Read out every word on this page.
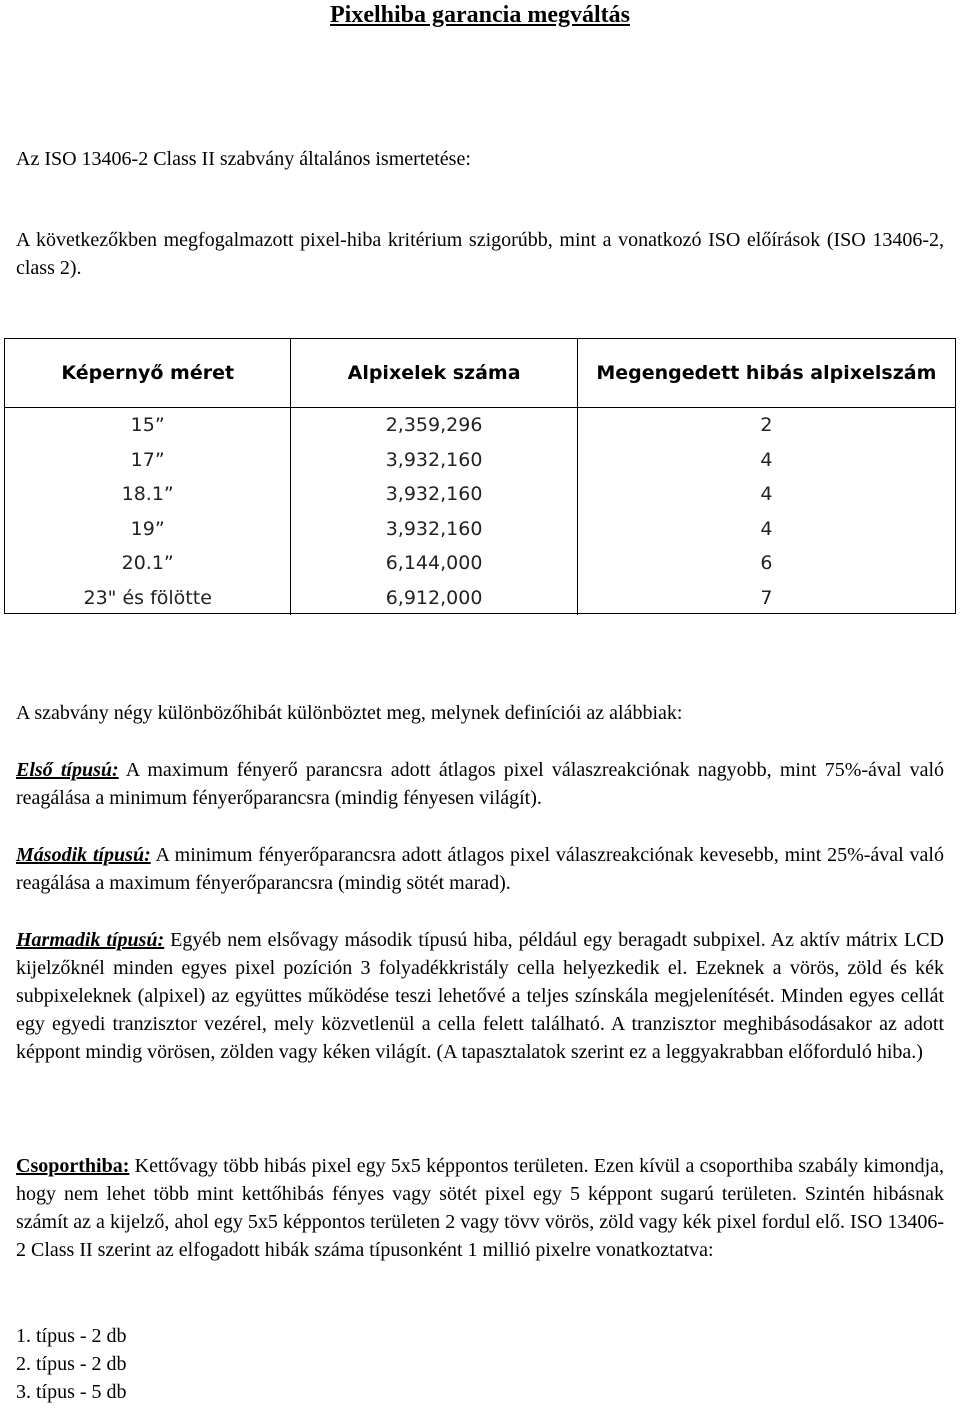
Pixelhiba garancia megváltás

Az ISO 13406-2 Class II szabvány általános ismertetése:

A következőkben megfogalmazott pixel-hiba kritérium szigorúbb, mint a vonatkozó ISO előírások (ISO 13406-2, class 2).

Képernyő méret	Alpixelek száma	Megengedett hibás alpixelszám
15”	2,359,296	2
17”	3,932,160	4
18.1”	3,932,160	4
19”	3,932,160	4
20.1”	6,144,000	6
23" és fölötte	6,912,000	7

A szabvány négy különbözőhibát különböztet meg, melynek definíciói az alábbiak:

Első típusú: A maximum fényerő parancsra adott átlagos pixel válaszreakciónak nagyobb, mint 75%-ával való reagálása a minimum fényerőparancsra (mindig fényesen világít).

Második típusú: A minimum fényerőparancsra adott átlagos pixel válaszreakciónak kevesebb, mint 25%-ával való reagálása a maximum fényerőparancsra (mindig sötét marad).

Harmadik típusú: Egyéb nem elsővagy második típusú hiba, például egy beragadt subpixel. Az aktív mátrix LCD kijelzőknél minden egyes pixel pozíción 3 folyadékkristály cella helyezkedik el. Ezeknek a vörös, zöld és kék subpixeleknek (alpixel) az együttes működése teszi lehetővé a teljes színskála megjelenítését. Minden egyes cellát egy egyedi tranzisztor vezérel, mely közvetlenül a cella felett található. A tranzisztor meghibásodásakor az adott képpont mindig vörösen, zölden vagy kéken világít. (A tapasztalatok szerint ez a leggyakrabban előforduló hiba.)

Csoporthiba: Kettővagy több hibás pixel egy 5x5 képpontos területen. Ezen kívül a csoporthiba szabály kimondja, hogy nem lehet több mint kettőhibás fényes vagy sötét pixel egy 5 képpont sugarú területen. Szintén hibásnak számít az a kijelző, ahol egy 5x5 képpontos területen 2 vagy tövv vörös, zöld vagy kék pixel fordul elő. ISO 13406-2 Class II szerint az elfogadott hibák száma típusonként 1 millió pixelre vonatkoztatva:

1. típus - 2 db
2. típus - 2 db
3. típus - 5 db
